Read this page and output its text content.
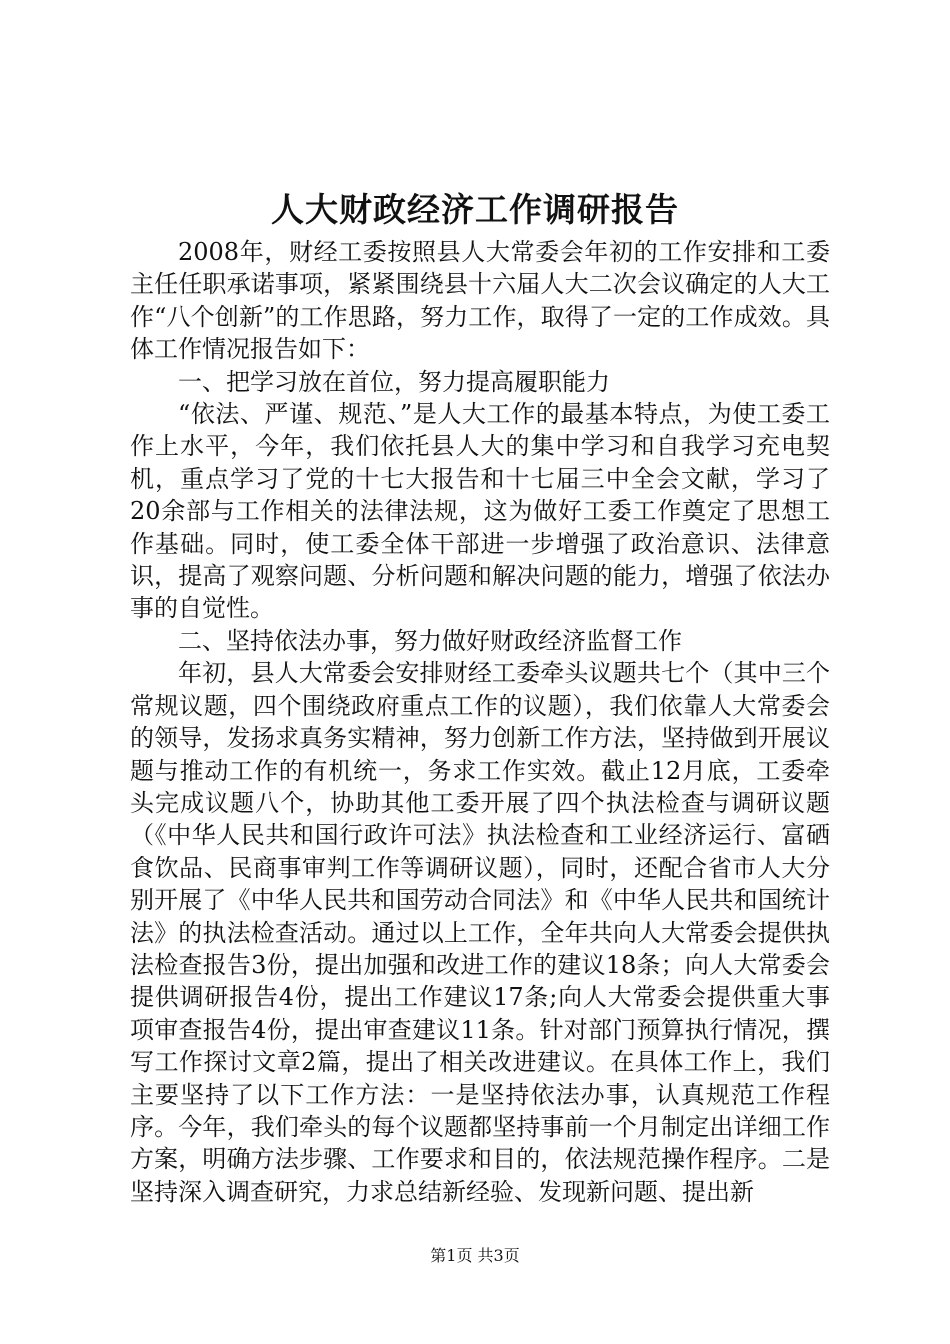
人大财政经济工作调研报告

2008年，财经工委按照县人大常委会年初的工作安排和工委主任任职承诺事项，紧紧围绕县十六届人大二次会议确定的人大工作“八个创新”的工作思路，努力工作，取得了一定的工作成效。具体工作情况报告如下：

一、把学习放在首位，努力提高履职能力

“依法、严谨、规范、”是人大工作的最基本特点，为使工委工作上水平，今年，我们依托县人大的集中学习和自我学习充电契机，重点学习了党的十七大报告和十七届三中全会文献，学习了20余部与工作相关的法律法规，这为做好工委工作奠定了思想工作基础。同时，使工委全体干部进一步增强了政治意识、法律意识，提高了观察问题、分析问题和解决问题的能力，增强了依法办事的自觉性。

二、坚持依法办事，努力做好财政经济监督工作

年初，县人大常委会安排财经工委牵头议题共七个（其中三个常规议题，四个围绕政府重点工作的议题），我们依靠人大常委会的领导，发扬求真务实精神，努力创新工作方法，坚持做到开展议题与推动工作的有机统一，务求工作实效。截止12月底，工委牵头完成议题八个，协助其他工委开展了四个执法检查与调研议题（《中华人民共和国行政许可法》执法检查和工业经济运行、富硒食饮品、民商事审判工作等调研议题），同时，还配合省市人大分别开展了《中华人民共和国劳动合同法》和《中华人民共和国统计法》的执法检查活动。通过以上工作，全年共向人大常委会提供执法检查报告3份，提出加强和改进工作的建议18条；向人大常委会提供调研报告4份，提出工作建议17条;向人大常委会提供重大事项审查报告4份，提出审查建议11条。针对部门预算执行情况，撰写工作探讨文章2篇，提出了相关改进建议。在具体工作上，我们主要坚持了以下工作方法：一是坚持依法办事，认真规范工作程序。今年，我们牵头的每个议题都坚持事前一个月制定出详细工作方案，明确方法步骤、工作要求和目的，依法规范操作程序。二是坚持深入调查研究，力求总结新经验、发现新问题、提出新

第1页 共3页
